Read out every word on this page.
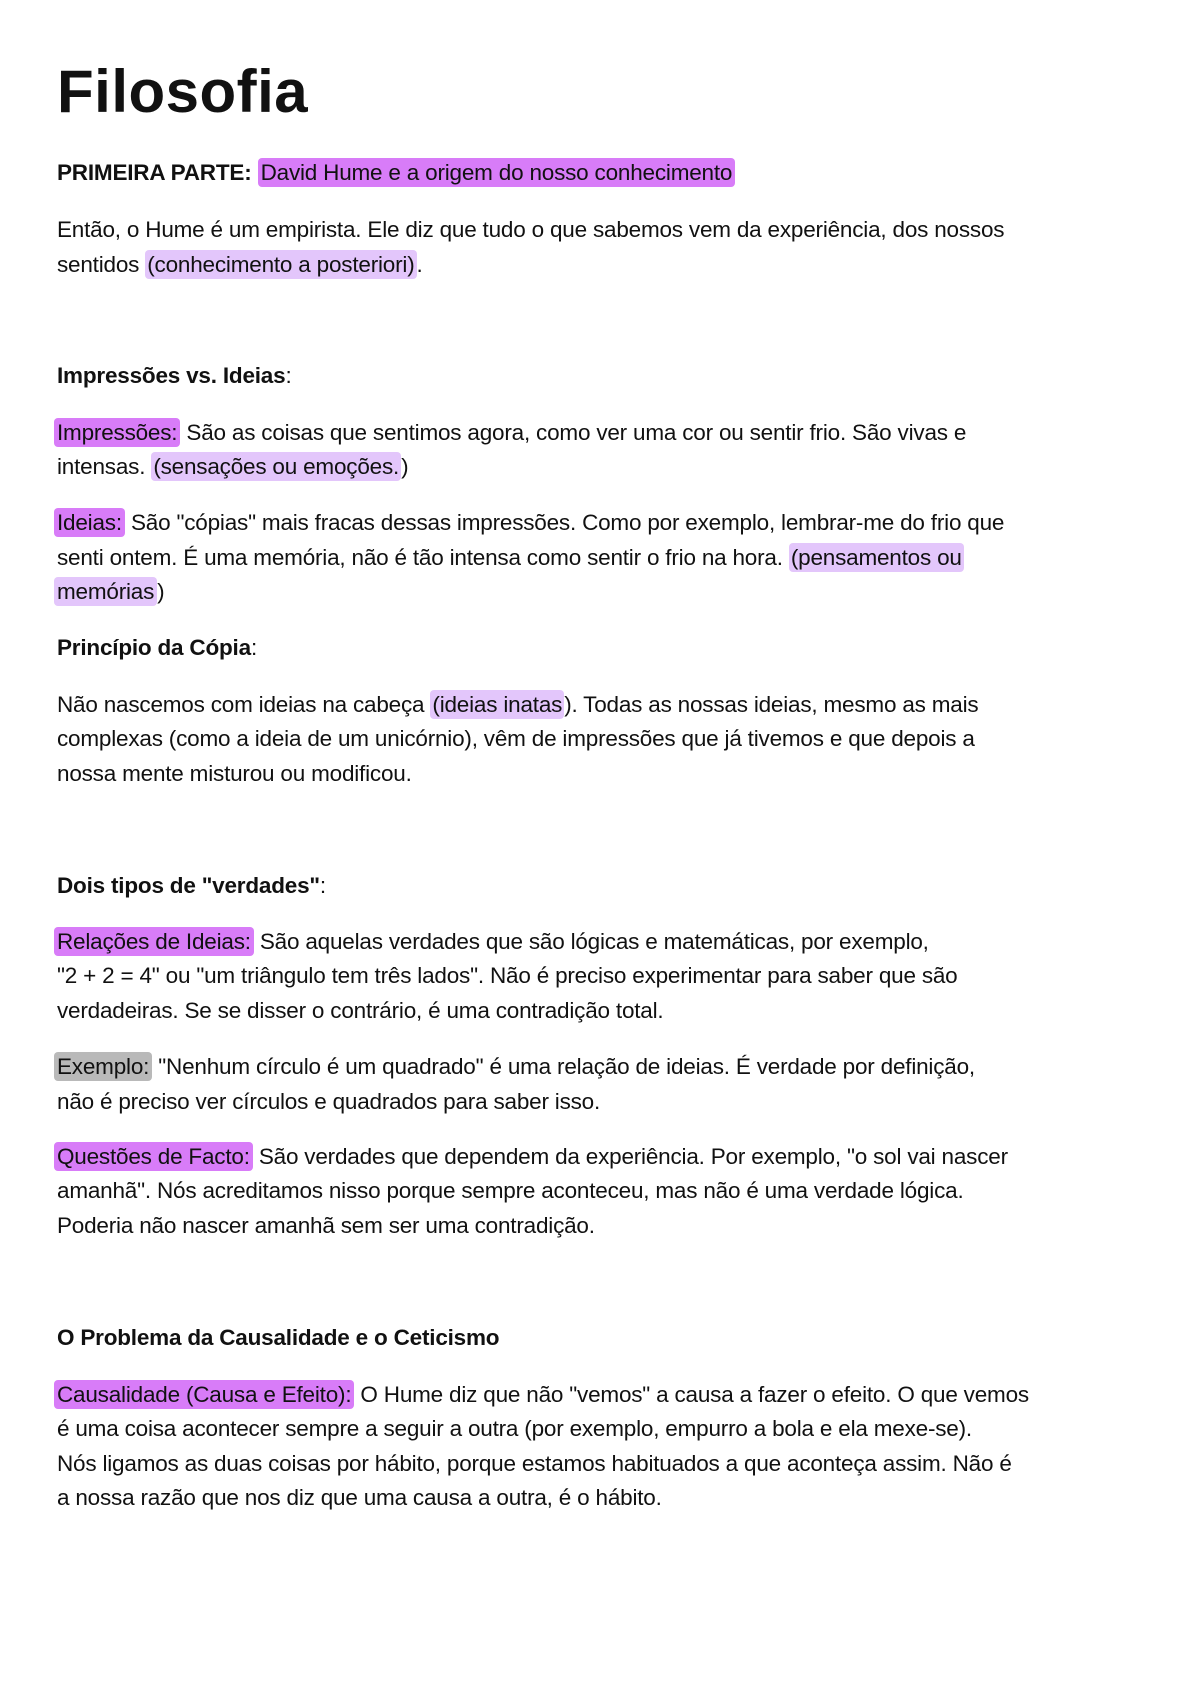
Filosofia
PRIMEIRA PARTE: David Hume e a origem do nosso conhecimento
Então, o Hume é um empirista. Ele diz que tudo o que sabemos vem da experiência, dos nossos
sentidos (conhecimento a posteriori).
Impressões vs. Ideias:
Impressões: São as coisas que sentimos agora, como ver uma cor ou sentir frio. São vivas e
intensas. (sensações ou emoções.)
Ideias: São "cópias" mais fracas dessas impressões. Como por exemplo, lembrar-me do frio que
senti ontem. É uma memória, não é tão intensa como sentir o frio na hora. (pensamentos ou
memórias )
Princípio da Cópia:
Não nascemos com ideias na cabeça (ideias inatas). Todas as nossas ideias, mesmo as mais
complexas (como a ideia de um unicórnio), vêm de impressões que já tivemos e que depois a
nossa mente misturou ou modificou.
Dois tipos de "verdades":
Relações de Ideias: São aquelas verdades que são lógicas e matemáticas, por exemplo,
"2 + 2 = 4" ou "um triângulo tem três lados". Não é preciso experimentar para saber que são
verdadeiras. Se se disser o contrário, é uma contradição total.
Exemplo: "Nenhum círculo é um quadrado" é uma relação de ideias. É verdade por definição,
não é preciso ver círculos e quadrados para saber isso.
Questões de Facto: São verdades que dependem da experiência. Por exemplo, "o sol vai nascer
amanhã". Nós acreditamos nisso porque sempre aconteceu, mas não é uma verdade lógica.
Poderia não nascer amanhã sem ser uma contradição.
O Problema da Causalidade e o Ceticismo
Causalidade (Causa e Efeito): O Hume diz que não "vemos" a causa a fazer o efeito. O que vemos
é uma coisa acontecer sempre a seguir a outra (por exemplo, empurro a bola e ela mexe-se).
Nós ligamos as duas coisas por hábito, porque estamos habituados a que aconteça assim. Não é
a nossa razão que nos diz que uma causa a outra, é o hábito.
